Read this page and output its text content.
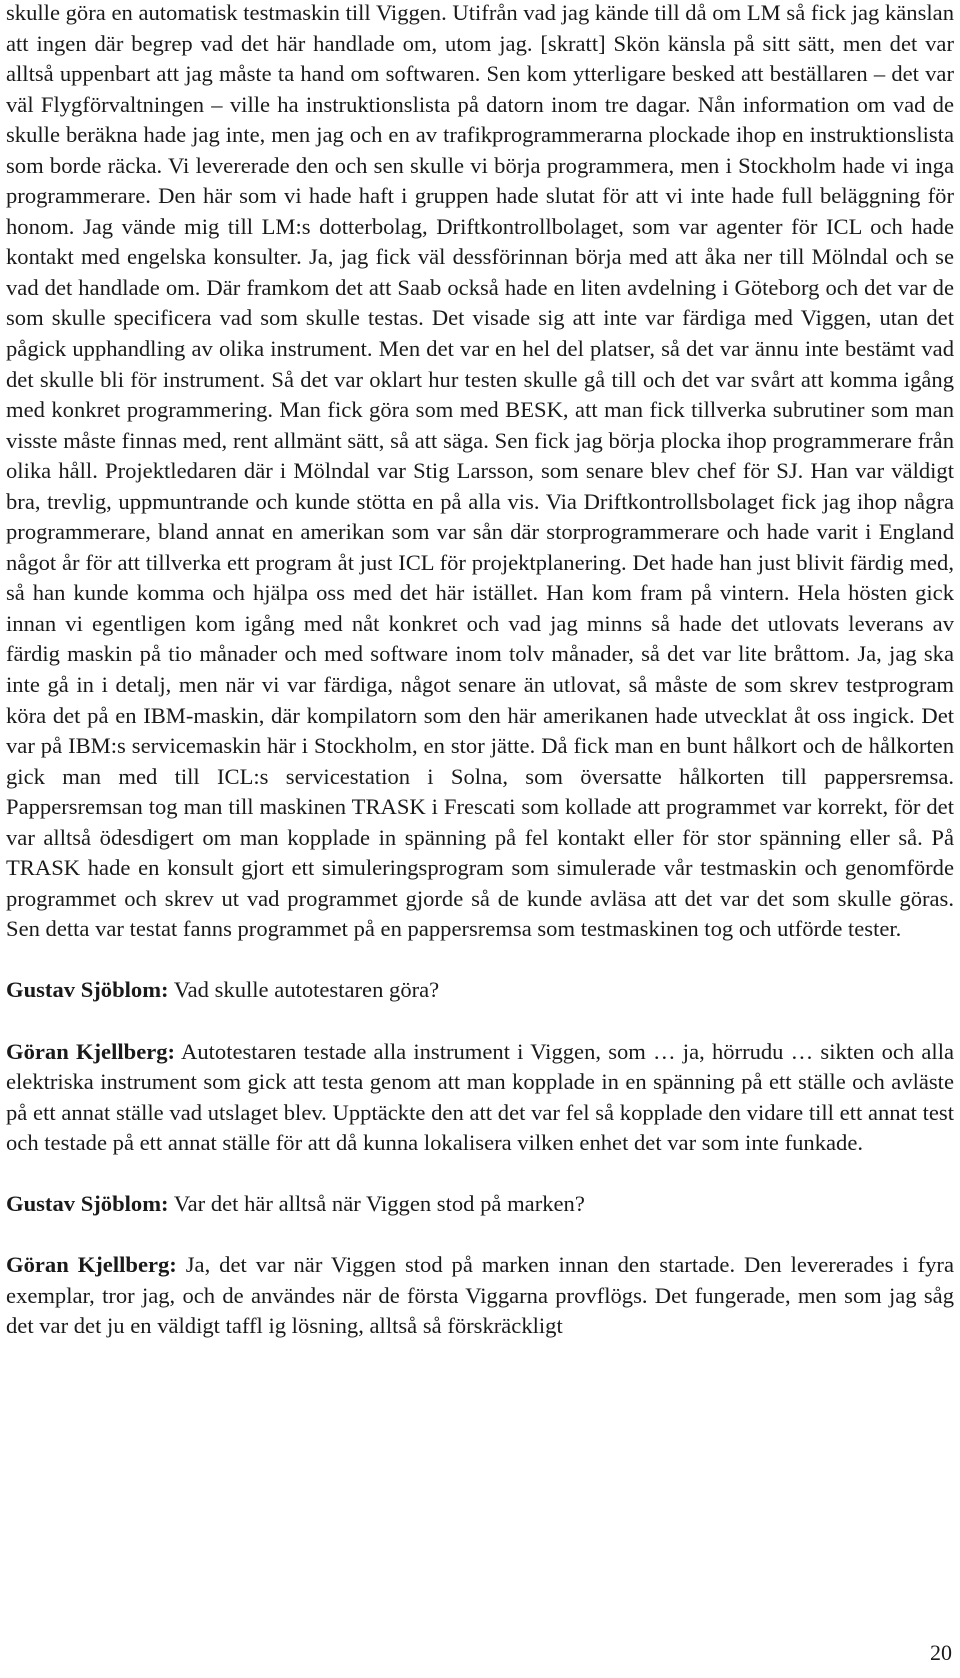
skulle göra en automatisk testmaskin till Viggen. Utifrån vad jag kände till då om LM så fick jag känslan att ingen där begrep vad det här handlade om, utom jag. [skratt] Skön känsla på sitt sätt, men det var alltså uppenbart att jag måste ta hand om softwaren. Sen kom ytterligare besked att beställaren – det var väl Flygförvaltningen – ville ha instruktionslista på datorn inom tre dagar. Nån information om vad de skulle beräkna hade jag inte, men jag och en av trafikprogrammerarna plockade ihop en instruktionslista som borde räcka. Vi levererade den och sen skulle vi börja programmera, men i Stockholm hade vi inga programmerare. Den här som vi hade haft i gruppen hade slutat för att vi inte hade full beläggning för honom. Jag vände mig till LM:s dotterbolag, Driftkontrollbolaget, som var agenter för ICL och hade kontakt med engelska konsulter. Ja, jag fick väl dessförinnan börja med att åka ner till Mölndal och se vad det handlade om. Där framkom det att Saab också hade en liten avdelning i Göteborg och det var de som skulle specificera vad som skulle testas. Det visade sig att inte var färdiga med Viggen, utan det pågick upphandling av olika instrument. Men det var en hel del platser, så det var ännu inte bestämt vad det skulle bli för instrument. Så det var oklart hur testen skulle gå till och det var svårt att komma igång med konkret programmering. Man fick göra som med BESK, att man fick tillverka subrutiner som man visste måste finnas med, rent allmänt sätt, så att säga. Sen fick jag börja plocka ihop programmerare från olika håll. Projektledaren där i Mölndal var Stig Larsson, som senare blev chef för SJ. Han var väldigt bra, trevlig, uppmuntrande och kunde stötta en på alla vis. Via Driftkontrollsbolaget fick jag ihop några programmerare, bland annat en amerikan som var sån där storprogrammerare och hade varit i England något år för att tillverka ett program åt just ICL för projektplanering. Det hade han just blivit färdig med, så han kunde komma och hjälpa oss med det här istället. Han kom fram på vintern. Hela hösten gick innan vi egentligen kom igång med nåt konkret och vad jag minns så hade det utlovats leverans av färdig maskin på tio månader och med software inom tolv månader, så det var lite bråttom. Ja, jag ska inte gå in i detalj, men när vi var färdiga, något senare än utlovat, så måste de som skrev testprogram köra det på en IBM-maskin, där kompilatorn som den här amerikanen hade utvecklat åt oss ingick. Det var på IBM:s servicemaskin här i Stockholm, en stor jätte. Då fick man en bunt hålkort och de hålkorten gick man med till ICL:s servicestation i Solna, som översatte hålkorten till pappersremsa. Pappersremsan tog man till maskinen TRASK i Frescati som kollade att programmet var korrekt, för det var alltså ödesdigert om man kopplade in spänning på fel kontakt eller för stor spänning eller så. På TRASK hade en konsult gjort ett simuleringsprogram som simulerade vår testmaskin och genomförde programmet och skrev ut vad programmet gjorde så de kunde avläsa att det var det som skulle göras. Sen detta var testat fanns programmet på en pappersremsa som testmaskinen tog och utförde tester.

Gustav Sjöblom: Vad skulle autotestaren göra?

Göran Kjellberg: Autotestaren testade alla instrument i Viggen, som … ja, hörrudu … sikten och alla elektriska instrument som gick att testa genom att man kopplade in en spänning på ett ställe och avläste på ett annat ställe vad utslaget blev. Upptäckte den att det var fel så kopplade den vidare till ett annat test och testade på ett annat ställe för att då kunna lokalisera vilken enhet det var som inte funkade.

Gustav Sjöblom: Var det här alltså när Viggen stod på marken?

Göran Kjellberg: Ja, det var när Viggen stod på marken innan den startade. Den levererades i fyra exemplar, tror jag, och de användes när de första Viggarna provflögs. Det fungerade, men som jag såg det var det ju en väldigt taffl ig lösning, alltså så förskräckligt

20
